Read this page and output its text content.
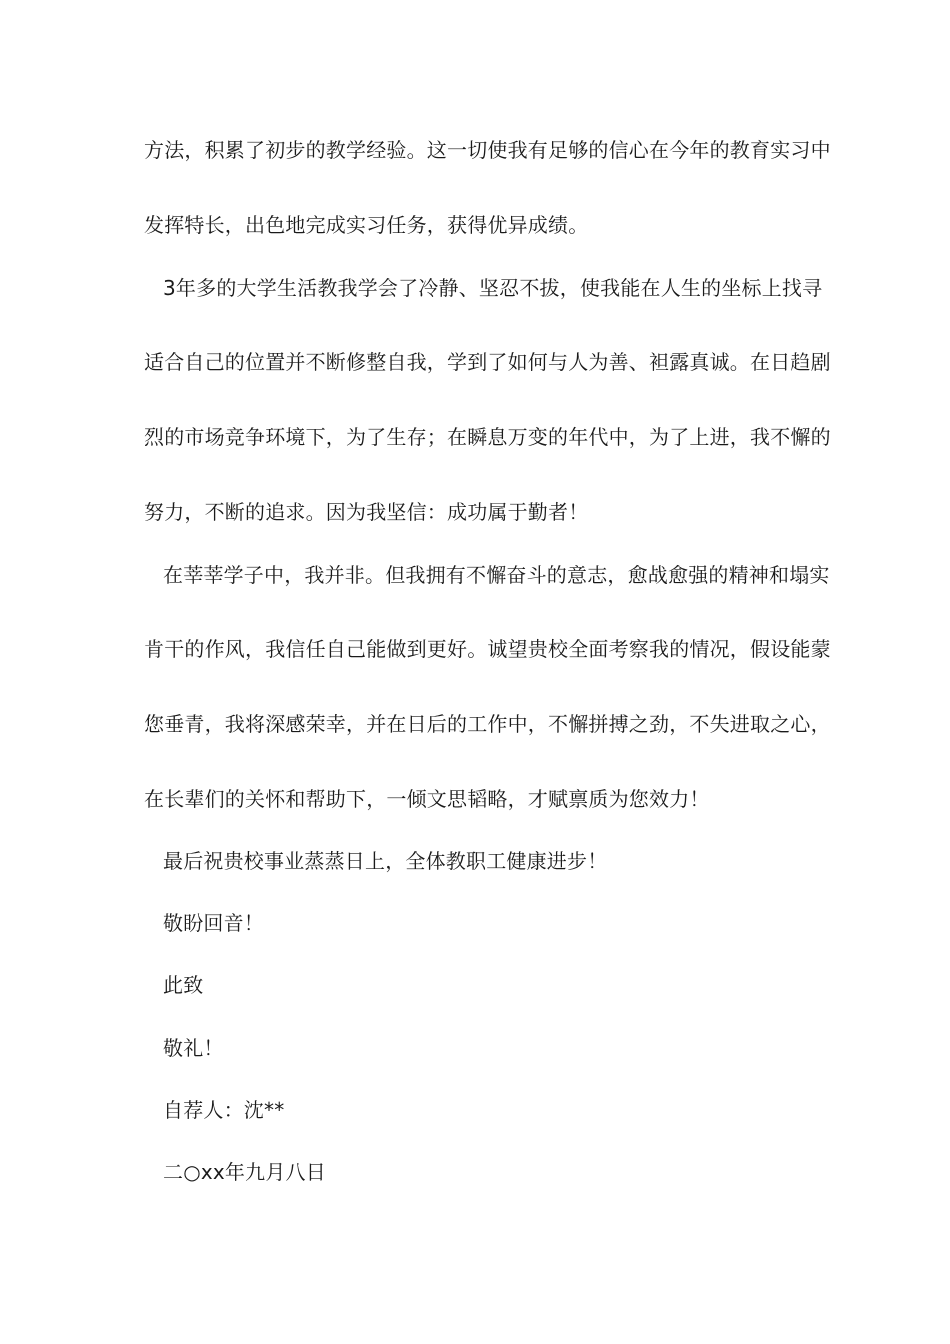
方法，积累了初步的教学经验。这一切使我有足够的信心在今年的教育实习中
发挥特长，出色地完成实习任务，获得优异成绩。
3年多的大学生活教我学会了冷静、坚忍不拔，使我能在人生的坐标上找寻
适合自己的位置并不断修整自我，学到了如何与人为善、袒露真诚。在日趋剧
烈的市场竞争环境下，为了生存；在瞬息万变的年代中，为了上进，我不懈的
努力，不断的追求。因为我坚信：成功属于勤者！
在莘莘学子中，我并非。但我拥有不懈奋斗的意志，愈战愈强的精神和塌实
肯干的作风，我信任自己能做到更好。诚望贵校全面考察我的情况，假设能蒙
您垂青，我将深感荣幸，并在日后的工作中，不懈拼搏之劲，不失进取之心，
在长辈们的关怀和帮助下，一倾文思韬略，才赋禀质为您效力！
最后祝贵校事业蒸蒸日上，全体教职工健康进步！
敬盼回音！
此致
敬礼！
自荐人：沈**
二○xx年九月八日
